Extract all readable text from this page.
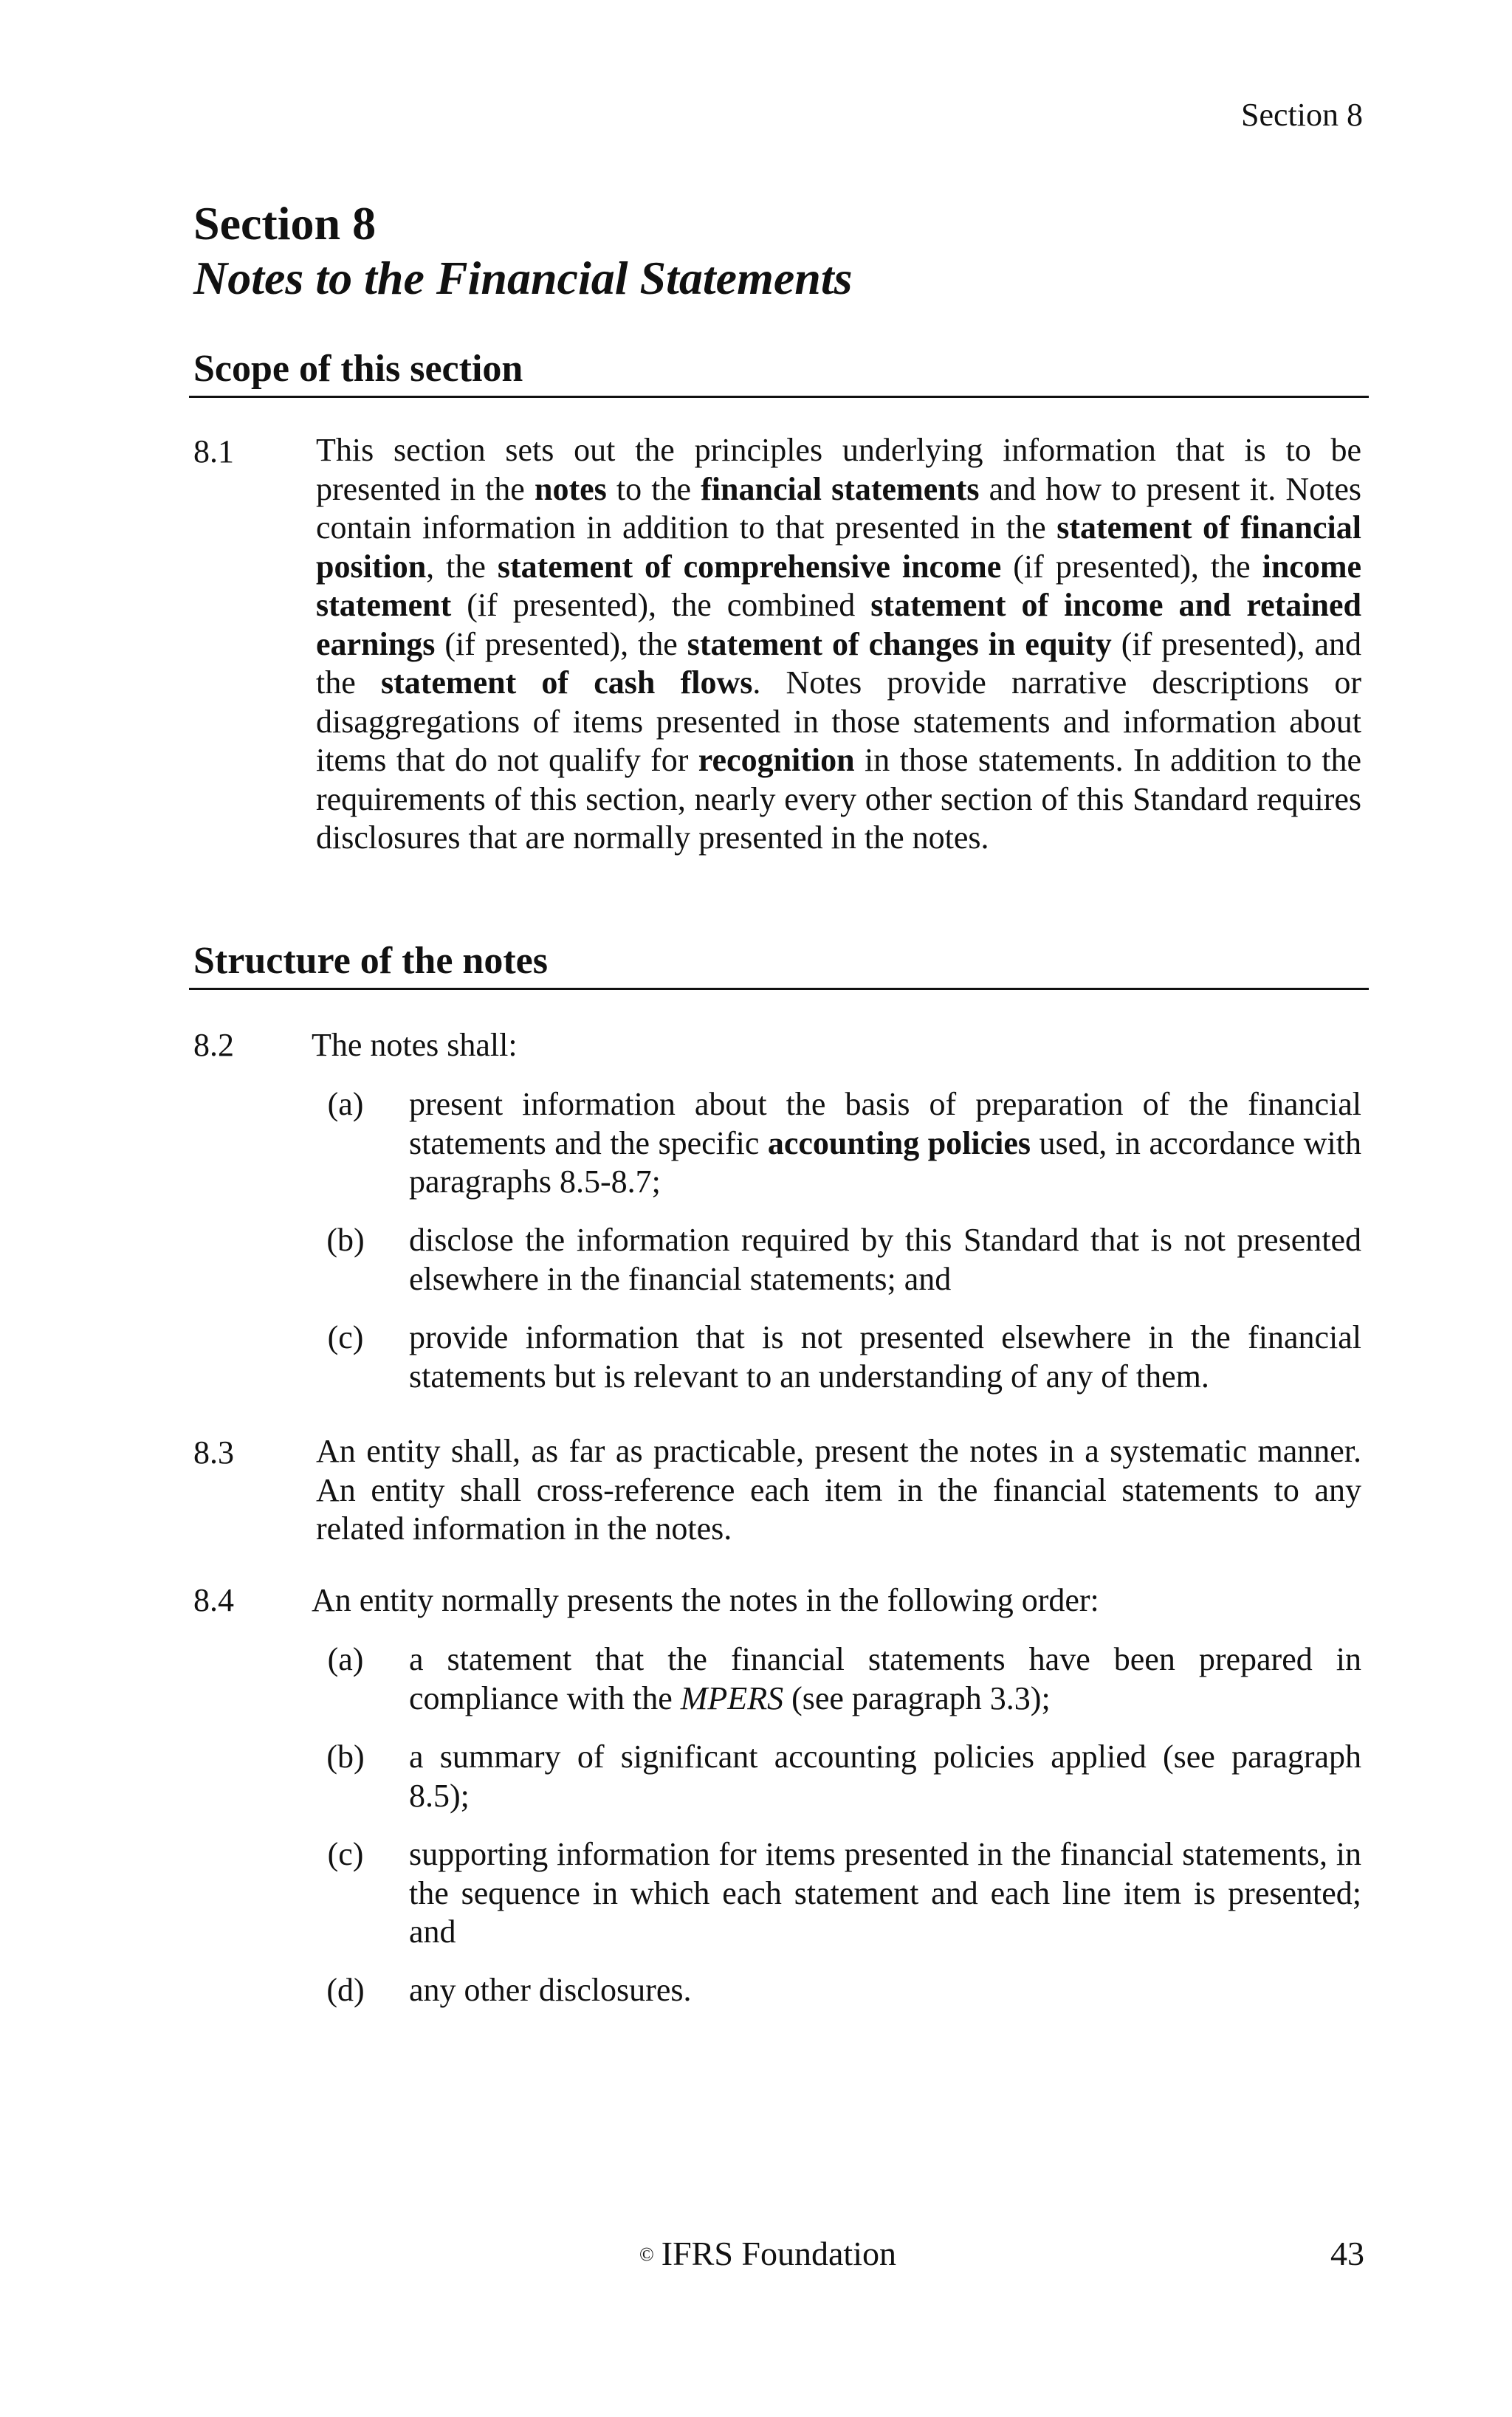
Section 8
Section 8
Notes to the Financial Statements
Scope of this section
8.1	This section sets out the principles underlying information that is to be presented in the notes to the financial statements and how to present it. Notes contain information in addition to that presented in the statement of financial position, the statement of comprehensive income (if presented), the income statement (if presented), the combined statement of income and retained earnings (if presented), the statement of changes in equity (if presented), and the statement of cash flows. Notes provide narrative descriptions or disaggregations of items presented in those statements and information about items that do not qualify for recognition in those statements. In addition to the requirements of this section, nearly every other section of this Standard requires disclosures that are normally presented in the notes.

Structure of the notes
8.2 The notes shall:
(a)	present information about the basis of preparation of the financial statements and the specific accounting policies used, in accordance with paragraphs 8.5-8.7;

(b)	disclose the information required by this Standard that is not presented elsewhere in the financial statements; and

(c)	provide information that is not presented elsewhere in the financial statements but is relevant to an understanding of any of them.

8.3	An entity shall, as far as practicable, present the notes in a systematic manner. An entity shall cross-reference each item in the financial statements to any related information in the notes.

8.4 An entity normally presents the notes in the following order:
(a)	a statement that the financial statements have been prepared in compliance with the MPERS (see paragraph 3.3);

(b)	a summary of significant accounting policies applied (see paragraph 8.5);

(c)	supporting information for items presented in the financial statements, in the sequence in which each statement and each line item is presented; and

(d)	any other disclosures.

© IFRS Foundation	43
